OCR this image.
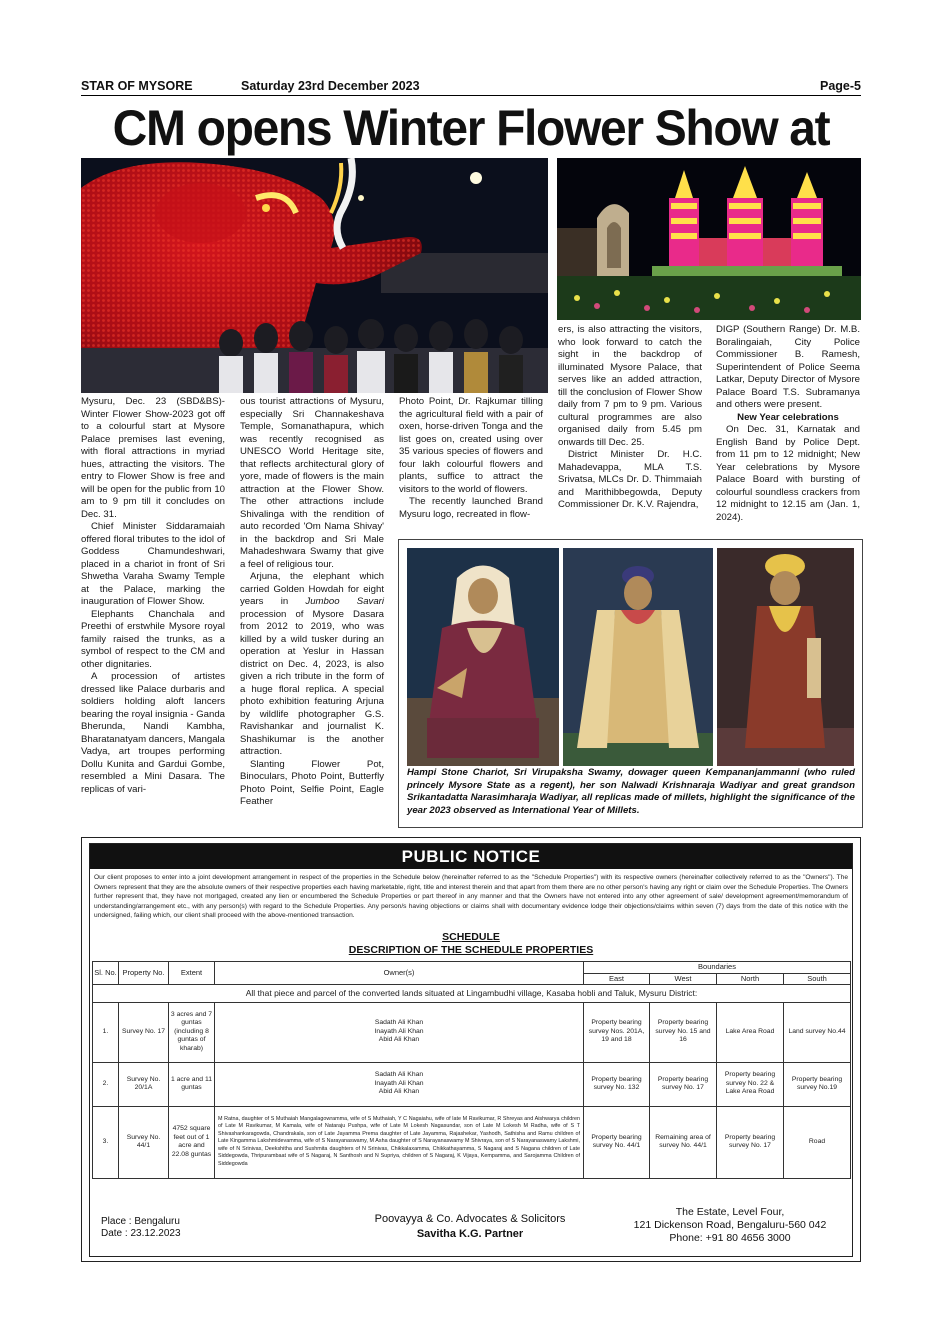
STAR OF MYSORE	Saturday 23rd December 2023	Page-5
CM opens Winter Flower Show at

Mysuru, Dec. 23 (SBD&BS)- Winter Flower Show-2023 got off to a colourful start at Mysore Palace premises last evening, with floral attractions in myriad hues, attracting the visitors. The entry to Flower Show is free and will be open for the public from 10 am to 9 pm till it concludes on Dec. 31.

Chief Minister Siddaramaiah offered floral tributes to the idol of Goddess Chamundeshwari, placed in a chariot in front of Sri Shwetha Varaha Swamy Temple at the Palace, marking the inauguration of Flower Show.

Elephants Chanchala and Preethi of erstwhile Mysore royal family raised the trunks, as a symbol of respect to the CM and other dignitaries.

A procession of artistes dressed like Palace durbaris and soldiers holding aloft lancers bearing the royal insignia - Ganda Bherunda, Nandi Kambha, Bharatanatyam dancers, Mangala Vadya, art troupes performing Dollu Kunita and Gardui Gombe, resembled a Mini Dasara. The replicas of vari-

ous tourist attractions of Mysuru, especially Sri Channakeshava Temple, Somanathapura, which was recently recognised as UNESCO World Heritage site, that reflects architectural glory of yore, made of flowers is the main attraction at the Flower Show. The other attractions include Shivalinga with the rendition of auto recorded 'Om Nama Shivay' in the backdrop and Sri Male Mahadeshwara Swamy that give a feel of religious tour.

Arjuna, the elephant which carried Golden Howdah for eight years in Jumboo Savari procession of Mysore Dasara from 2012 to 2019, who was killed by a wild tusker during an operation at Yeslur in Hassan district on Dec. 4, 2023, is also given a rich tribute in the form of a huge floral replica. A special photo exhibition featuring Arjuna by wildlife photographer G.S. Ravishankar and journalist K. Shashikumar is the another attraction.

Slanting Flower Pot, Binoculars, Photo Point, Butterfly Photo Point, Selfie Point, Eagle Feather

Photo Point, Dr. Rajkumar tilling the agricultural field with a pair of oxen, horse-driven Tonga and the list goes on, created using over 35 various species of flowers and four lakh colourful flowers and plants, suffice to attract the visitors to the world of flowers.

The recently launched Brand Mysuru logo, recreated in flow-

ers, is also attracting the visitors, who look forward to catch the sight in the backdrop of illuminated Mysore Palace, that serves like an added attraction, till the conclusion of Flower Show daily from 7 pm to 9 pm. Various cultural programmes are also organised daily from 5.45 pm onwards till Dec. 25.

District Minister Dr. H.C. Mahadevappa, MLA T.S. Srivatsa, MLCs Dr. D. Thimmaiah and Marithibbegowda, Deputy Commissioner Dr. K.V. Rajendra,

DIGP (Southern Range) Dr. M.B. Boralingaiah, City Police Commissioner B. Ramesh, Superintendent of Police Seema Latkar, Deputy Director of Mysore Palace Board T.S. Subramanya and others were present.

New Year celebrations

On Dec. 31, Karnatak and English Band by Police Dept. from 11 pm to 12 midnight; New Year celebrations by Mysore Palace Board with bursting of colourful soundless crackers from 12 midnight to 12.15 am (Jan. 1, 2024).

Hampi Stone Chariot, Sri Virupaksha Swamy, dowager queen Kempananjammanni (who ruled princely Mysore State as a regent), her son Nalwadi Krishnaraja Wadiyar and great grandson Srikantadatta Narasimharaja Wadiyar, all replicas made of millets, highlight the significance of the year 2023 observed as International Year of Millets.
PUBLIC NOTICE
Our client proposes to enter into a joint development arrangement in respect of the properties in the Schedule below (hereinafter referred to as the "Schedule Properties") with its respective owners (hereinafter collectively referred to as the "Owners"). The Owners represent that they are the absolute owners of their respective properties each having marketable, right, title and interest therein and that apart from them there are no other person's having any right or claim over the Schedule Properties. The Owners further represent that, they have not mortgaged, created any lien or encumbered the Schedule Properties or part thereof in any manner and that the Owners have not entered into any other agreement of sale/ development agreement/memorandum of understanding/arrangement etc., with any person(s) with regard to the Schedule Properties. Any person/s having objections or claims shall with documentary evidence lodge their objections/claims within seven (7) days from the date of this notice with the undersigned, failing which, our client shall proceed with the above-mentioned transaction.
SCHEDULE
DESCRIPTION OF THE SCHEDULE PROPERTIES
Sl. No.	Property No.	Extent	Owner(s)	Boundaries			
				East	West	North	South
All that piece and parcel of the converted lands situated at Lingambudhi village, Kasaba hobli and Taluk, Mysuru District:							
1.	Survey No. 17	3 acres and 7 guntas (including 8 guntas of kharab)	Sadath Ali Khan
Inayath Ali Khan
Abid Ali Khan	Property bearing survey Nos. 201A, 19 and 18	Property bearing survey No. 15 and 16	Lake Area Road	Land survey No.44
2.	Survey No. 20/1A	1 acre and 11 guntas	Sadath Ali Khan
Inayath Ali Khan
Abid Ali Khan	Property bearing survey No. 132	Property bearing survey No. 17	Property bearing survey No. 22 & Lake Area Road	Property bearing survey No.19
3.	Survey No. 44/1	4752 square feet out of 1 acre and 22.08 guntas	M Ratna, daughter of S Muthaiah Mangalagowramma, wife of S Muthaiah, Y C Nagaiahu, wife of late M Ravikumar, R Shreyas and Aishwarya children of Late M Ravikumar, M Kamala, wife of Nataraju Pushpa, wife of Late M Lokesh Nagasundar, son of Late M Lokesh M Radha, wife of S T Shivashankaragowda, Chandrakala, son of Late Jayamma Prema daughter of Late Jayamma, Rajashekar, Yashodh, Sathisha and Ramu children of Late Kingamma Lakshmidevamma, wife of S Narayanaswamy, M Asha daughter of S Narayanaswamy M Shivraya, son of S Narayanaswamy Lakshmi, wife of N Srinivas, Deekshitha and Sushmita daughters of N Srinivas, Chikkalaxamma, Chikkathayamma, S Nagaraj and S Nagana children of Late Siddegowda, Thripurambaat wife of S Nagaraj, N Santhosh and N Supriya, children of S Nagaraj, K Vijaya, Kempamma, and Sarojamma Children of Siddegowda	Property bearing survey No. 44/1	Remaining area of survey No. 44/1	Property bearing survey No. 17	Road
Place : Bengaluru
Date : 23.12.2023
Poovayya & Co. Advocates & Solicitors
Savitha K.G. Partner
The Estate, Level Four,
121 Dickenson Road, Bengaluru-560 042
Phone: +91 80 4656 3000
